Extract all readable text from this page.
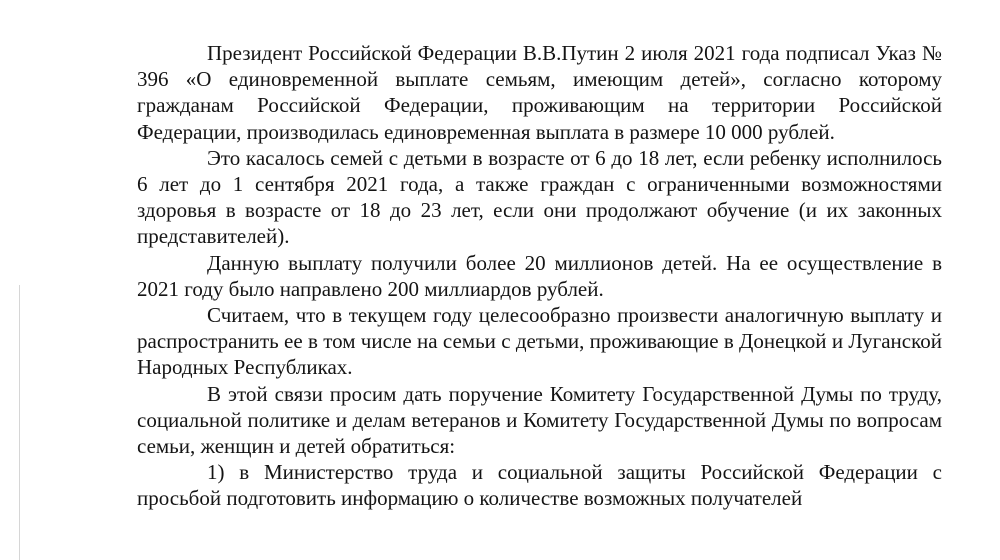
Президент Российской Федерации В.В.Путин 2 июля 2021 года подписал Указ № 396 «О единовременной выплате семьям, имеющим детей», согласно которому гражданам Российской Федерации, проживающим на территории Российской Федерации, производилась единовременная выплата в размере 10 000 рублей.

Это касалось семей с детьми в возрасте от 6 до 18 лет, если ребенку исполнилось 6 лет до 1 сентября 2021 года, а также граждан с ограниченными возможностями здоровья в возрасте от 18 до 23 лет, если они продолжают обучение (и их законных представителей).

Данную выплату получили более 20 миллионов детей. На ее осуществление в 2021 году было направлено 200 миллиардов рублей.

Считаем, что в текущем году целесообразно произвести аналогичную выплату и распространить ее в том числе на семьи с детьми, проживающие в Донецкой и Луганской Народных Республиках.

В этой связи просим дать поручение Комитету Государственной Думы по труду, социальной политике и делам ветеранов и Комитету Государственной Думы по вопросам семьи, женщин и детей обратиться:

1) в Министерство труда и социальной защиты Российской Федерации с просьбой подготовить информацию о количестве возможных получателей
